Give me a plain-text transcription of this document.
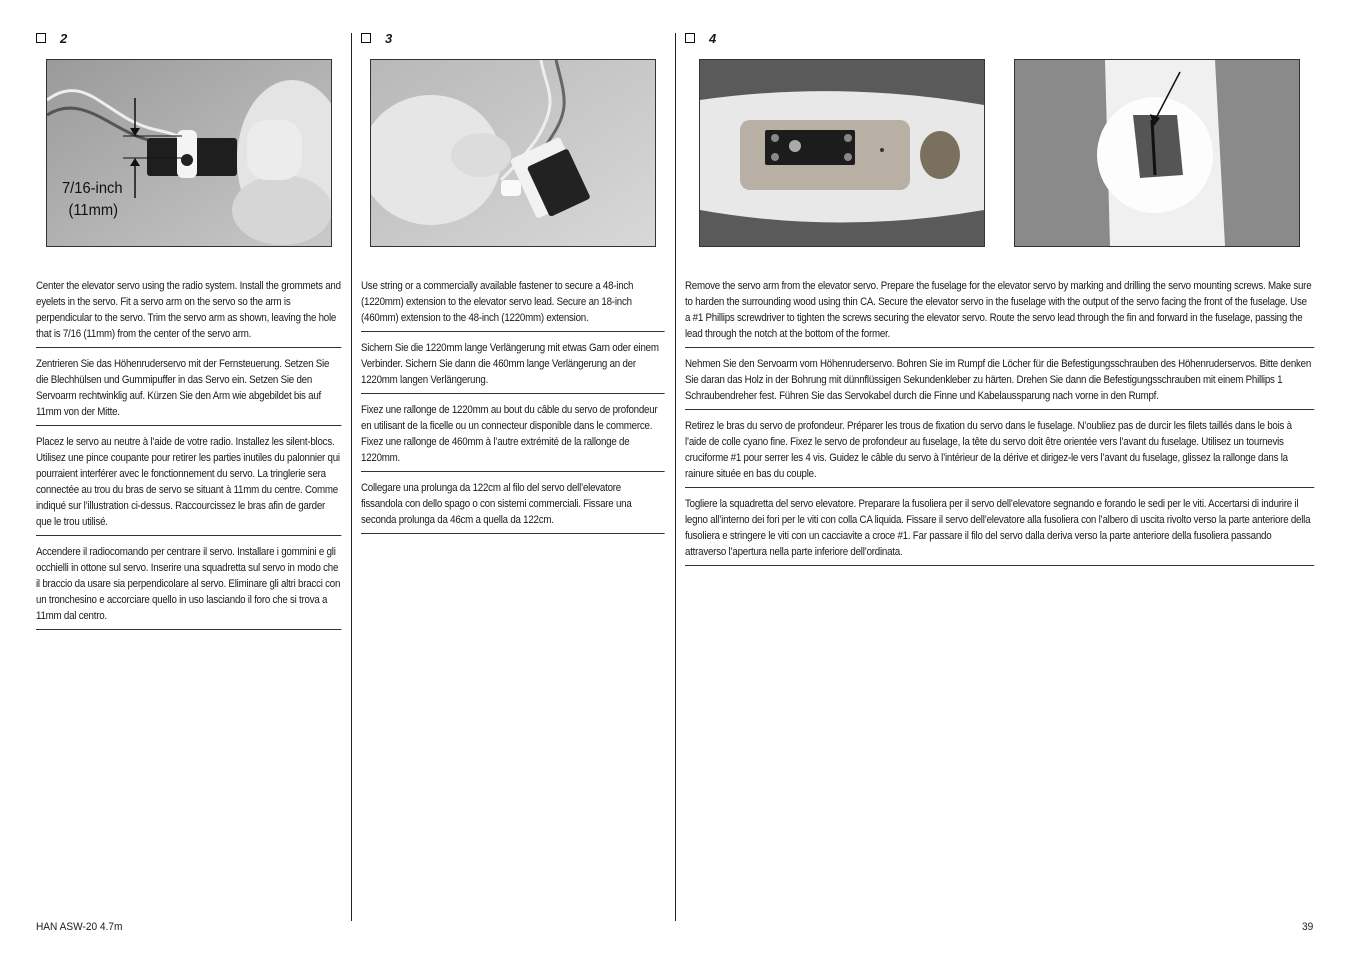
2
7/16-inch
(11mm)
Center the elevator servo using the radio system. Install the grommets and eyelets in the servo. Fit a servo arm on the servo so the arm is perpendicular to the servo. Trim the servo arm as shown, leaving the hole that is 7/16 (11mm) from the center of the servo arm.
Zentrieren Sie das Höhenruderservo mit der Fernsteuerung. Setzen Sie die Blechhülsen und Gummipuffer in das Servo ein. Setzen Sie den Servoarm rechtwinklig auf. Kürzen Sie den Arm wie abgebildet bis auf 11mm von der Mitte.
Placez le servo au neutre à l’aide de votre radio. Installez les silent-blocs. Utilisez une pince coupante pour retirer les parties inutiles du palonnier qui pourraient interférer avec le fonctionnement du servo. La tringlerie sera connectée au trou du bras de servo se situant à 11mm du centre. Comme indiqué sur l’illustration ci-dessus. Raccourcissez le bras afin de garder que le trou utilisé.
Accendere il radiocomando per centrare il servo. Installare i gommini e gli occhielli in ottone sul servo. Inserire una squadretta sul servo in modo che il braccio da usare sia perpendicolare al servo. Eliminare gli altri bracci con un tronchesino e accorciare quello in uso lasciando il foro che si trova a 11mm dal centro.
3
Use string or a commercially available fastener to secure a 48-inch (1220mm) extension to the elevator servo lead. Secure an 18-inch (460mm) extension to the 48-inch (1220mm) extension.
Sichern Sie die 1220mm lange Verlängerung mit etwas Garn oder einem Verbinder. Sichern Sie dann die 460mm lange Verlängerung an der 1220mm langen Verlängerung.
Fixez une rallonge de 1220mm au bout du câble du servo de profondeur en utilisant de la ficelle ou un connecteur disponible dans le commerce. Fixez une rallonge de 460mm à l’autre extrémité de la rallonge de 1220mm.
Collegare una prolunga da 122cm al filo del servo dell’elevatore fissandola con dello spago o con sistemi commerciali. Fissare una seconda prolunga da 46cm a quella da 122cm.
4
Remove the servo arm from the elevator servo. Prepare the fuselage for the elevator servo by marking and drilling the servo mounting screws. Make sure to harden the surrounding wood using thin CA. Secure the elevator servo in the fuselage with the output of the servo facing the front of the fuselage. Use a #1 Phillips screwdriver to tighten the screws securing the elevator servo. Route the servo lead through the fin and forward in the fuselage, passing the lead through the notch at the bottom of the former.
Nehmen Sie den Servoarm vom Höhenruderservo. Bohren Sie im Rumpf die Löcher für die Befestigungsschrauben des Höhenruderservos. Bitte denken Sie daran das Holz in der Bohrung mit dünnflüssigen Sekundenkleber zu härten. Drehen Sie dann die Befestigungsschrauben mit einem Phillips 1 Schraubendreher fest. Führen Sie das Servokabel durch die Finne und Kabelaussparung nach vorne in den Rumpf.
Retirez le bras du servo de profondeur. Préparer les trous de fixation du servo dans le fuselage. N’oubliez pas de durcir les filets taillés dans le bois à l’aide de colle cyano fine. Fixez le servo de profondeur au fuselage, la tête du servo doit être orientée vers l’avant du fuselage. Utilisez un tournevis cruciforme #1 pour serrer les 4 vis. Guidez le câble du servo à l’intérieur de la dérive et dirigez-le vers l’avant du fuselage, glissez la rallonge dans la rainure située en bas du couple.
Togliere la squadretta del servo elevatore. Preparare la fusoliera per il servo dell’elevatore segnando e forando le sedi per le viti. Accertarsi di indurire il legno all’interno dei fori per le viti con colla CA liquida. Fissare il servo dell’elevatore alla fusoliera con l’albero di uscita rivolto verso la parte anteriore della fusoliera e stringere le viti con un cacciavite a croce #1. Far passare il filo del servo dalla deriva verso la parte anteriore della fusoliera passando attraverso l’apertura nella parte inferiore dell’ordinata.
HAN ASW-20 4.7m	39
